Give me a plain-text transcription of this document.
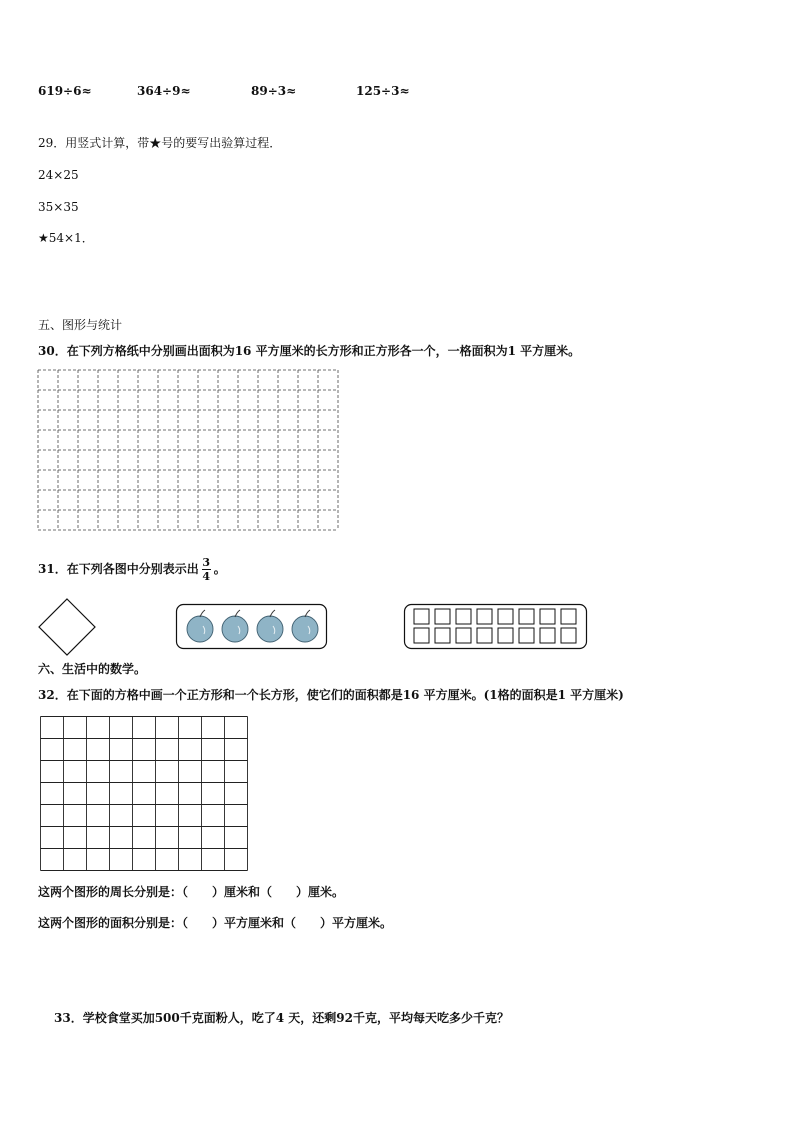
619÷6≈	364÷9≈	89÷3≈	125÷3≈
29．用竖式计算，带★号的要写出验算过程．
24×25
35×35
★54×1．
五、图形与统计
30．在下列方格纸中分别画出面积为16 平方厘米的长方形和正方形各一个，一格面积为1 平方厘米。
31．在下列各图中分别表示出 $\frac{3}{4}$ 。
六、生活中的数学。
32．在下面的方格中画一个正方形和一个长方形，使它们的面积都是16 平方厘米。(1格的面积是1 平方厘米)
这两个图形的周长分别是：（　　）厘米和（　　）厘米。
这两个图形的面积分别是：（　　）平方厘米和（　　）平方厘米。
33．学校食堂买加500千克面粉人，吃了4 天，还剩92千克，平均每天吃多少千克？
